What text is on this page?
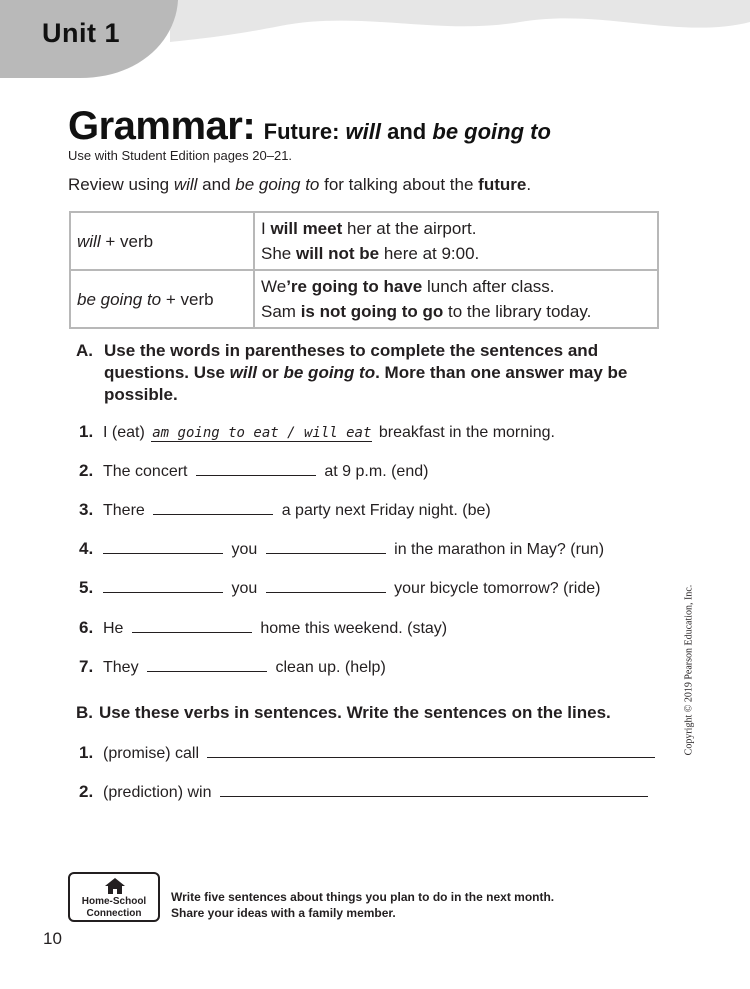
Unit 1
Grammar: Future: will and be going to
Use with Student Edition pages 20–21.
Review using will and be going to for talking about the future.
will + verb	I will meet her at the airport.
She will not be here at 9:00.

be going to + verb	We’re going to have lunch after class.
Sam is not going to go to the library today.
A. Use the words in parentheses to complete the sentences and questions. Use will or be going to. More than one answer may be possible.
1. I (eat) am going to eat / will eat breakfast in the morning.
2. The concert	at 9 p.m. (end)
3. There	a party next Friday night. (be)
4.	you	in the marathon in May? (run)
5.	you	your bicycle tomorrow? (ride)
6. He	home this weekend. (stay)
7. They	clean up. (help)
B. Use these verbs in sentences. Write the sentences on the lines.
1. (promise) call
2. (prediction) win
Copyright © 2019 Pearson Education, Inc.
Home-School
Connection
Write five sentences about things you plan to do in the next month.
Share your ideas with a family member.
10
